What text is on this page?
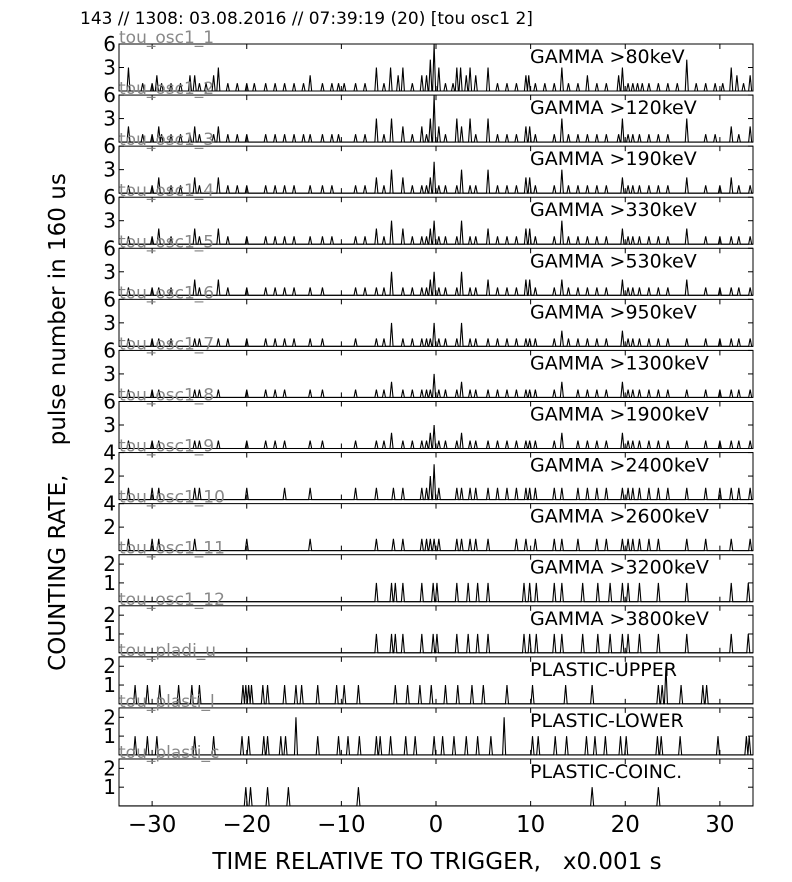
143 // 1308: 03.08.2016 // 07:39:19 (20) [tou osc1 2]
COUNTING RATE,    pulse number in 160 us
TIME RELATIVE TO TRIGGER,   x0.001 s
3
6 tou_osc1_1
GAMMA >80keV
3
6 tou_osc1_2
GAMMA >120keV
3
6 tou_osc1_3
GAMMA >190keV
3
6 tou_osc1_4
GAMMA >330keV
3
6 tou_osc1_5
GAMMA >530keV
3
6 tou_osc1_6
GAMMA >950keV
3
6 tou_osc1_7
GAMMA >1300keV
3
6 tou_osc1_8
GAMMA >1900keV
2
4 tou_osc1_9
GAMMA >2400keV
2
4 tou_osc1_10
GAMMA >2600keV
1
2
tou_osc1_11
GAMMA >3200keV
1
2
tou_osc1_12
GAMMA >3800keV
1
2
tou_pladi_u
PLASTIC-UPPER
1
2
tou_plasti_l
PLASTIC-LOWER
1
2
tou_plasti_c
PLASTIC-COINC.
−30 −20 −10	0	10	20	30
